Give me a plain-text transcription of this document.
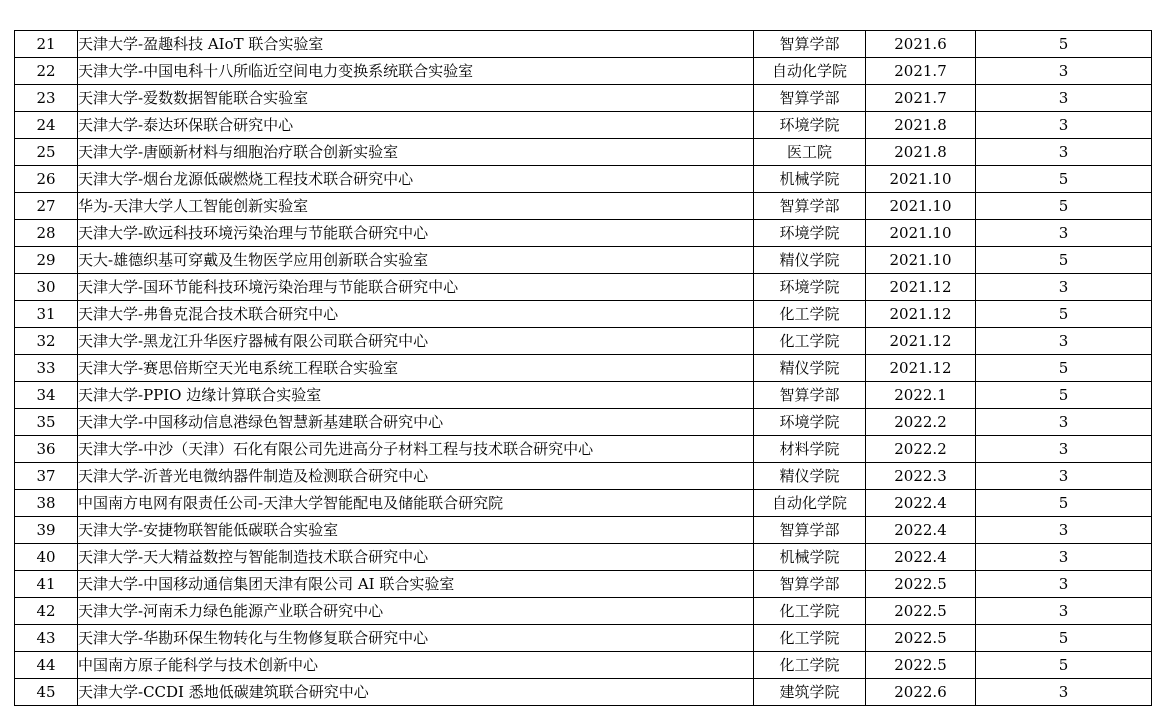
21	天津大学-盈趣科技 AIoT 联合实验室	智算学部	2021.6	5
22	天津大学-中国电科十八所临近空间电力变换系统联合实验室	自动化学院	2021.7	3
23	天津大学-爱数数据智能联合实验室	智算学部	2021.7	3
24	天津大学-泰达环保联合研究中心	环境学院	2021.8	3
25	天津大学-唐颐新材料与细胞治疗联合创新实验室	医工院	2021.8	3
26	天津大学-烟台龙源低碳燃烧工程技术联合研究中心	机械学院	2021.10	5
27	华为-天津大学人工智能创新实验室	智算学部	2021.10	5
28	天津大学-欧远科技环境污染治理与节能联合研究中心	环境学院	2021.10	3
29	天大-雄德织基可穿戴及生物医学应用创新联合实验室	精仪学院	2021.10	5
30	天津大学-国环节能科技环境污染治理与节能联合研究中心	环境学院	2021.12	3
31	天津大学-弗鲁克混合技术联合研究中心	化工学院	2021.12	5
32	天津大学-黑龙江升华医疗器械有限公司联合研究中心	化工学院	2021.12	3
33	天津大学-赛思倍斯空天光电系统工程联合实验室	精仪学院	2021.12	5
34	天津大学-PPIO 边缘计算联合实验室	智算学部	2022.1	5
35	天津大学-中国移动信息港绿色智慧新基建联合研究中心	环境学院	2022.2	3
36	天津大学-中沙（天津）石化有限公司先进高分子材料工程与技术联合研究中心	材料学院	2022.2	3
37	天津大学-沂普光电微纳器件制造及检测联合研究中心	精仪学院	2022.3	3
38	中国南方电网有限责任公司-天津大学智能配电及储能联合研究院	自动化学院	2022.4	5
39	天津大学-安捷物联智能低碳联合实验室	智算学部	2022.4	3
40	天津大学-天大精益数控与智能制造技术联合研究中心	机械学院	2022.4	3
41	天津大学-中国移动通信集团天津有限公司 AI 联合实验室	智算学部	2022.5	3
42	天津大学-河南禾力绿色能源产业联合研究中心	化工学院	2022.5	3
43	天津大学-华勘环保生物转化与生物修复联合研究中心	化工学院	2022.5	5
44	中国南方原子能科学与技术创新中心	化工学院	2022.5	5
45	天津大学-CCDI 悉地低碳建筑联合研究中心	建筑学院	2022.6	3
